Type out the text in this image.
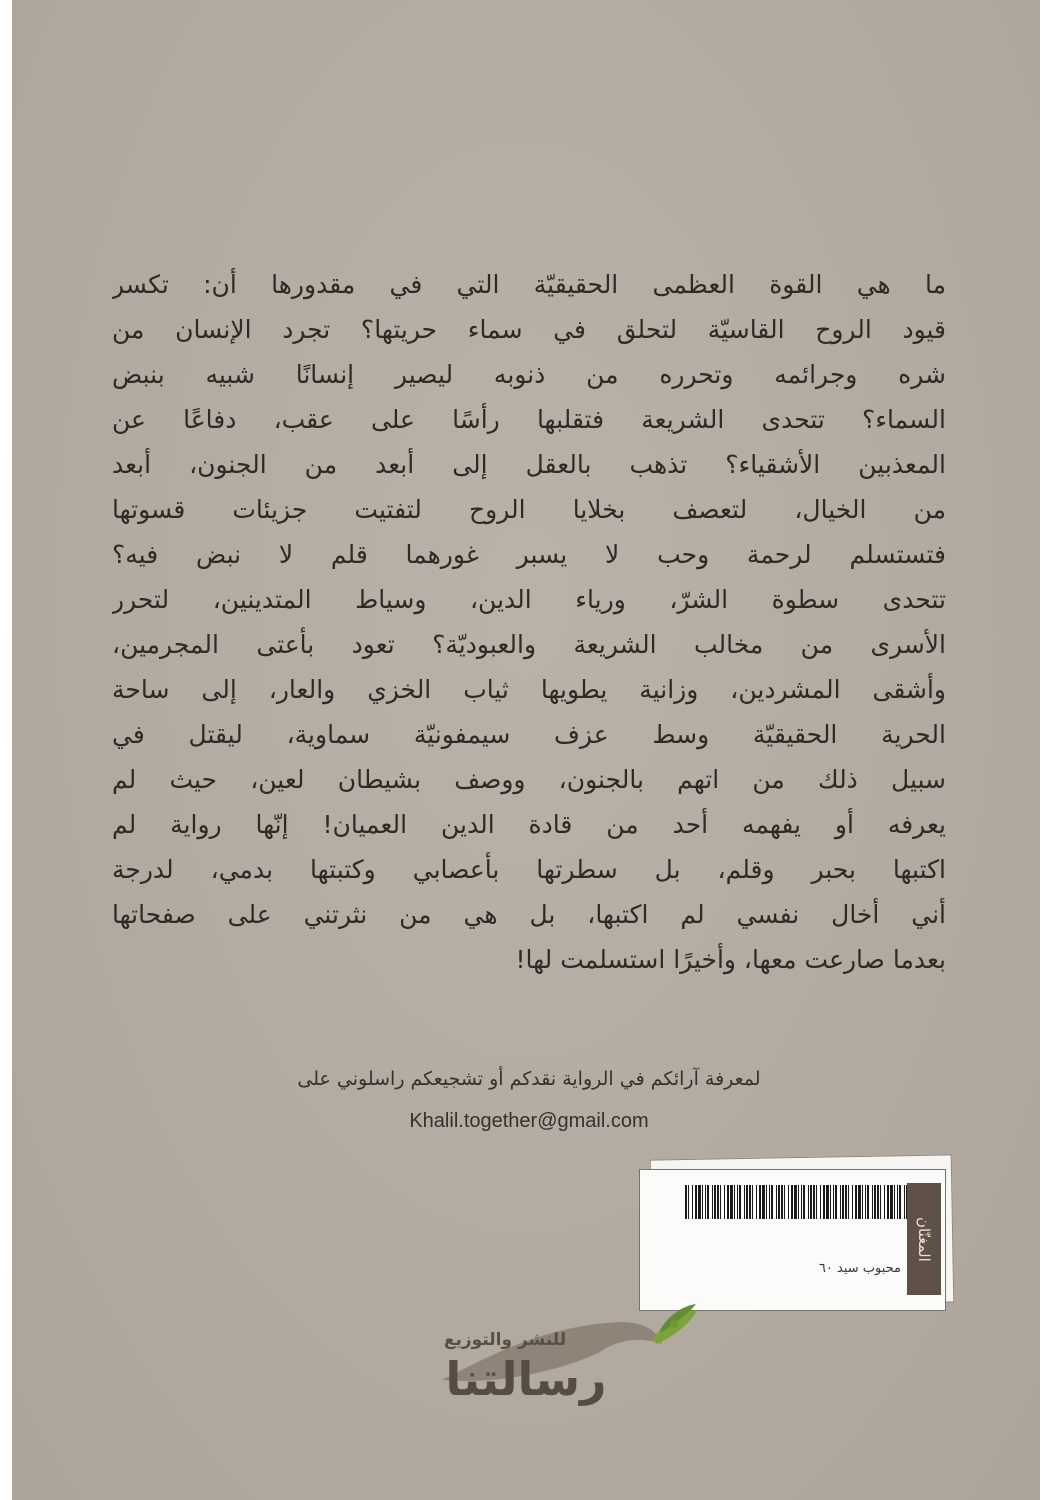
ما هي القوة العظمى الحقيقيّة التي في مقدورها أن: تكسر
قيود الروح القاسيّة لتحلق في سماء حريتها؟ تجرد الإنسان من
شره وجرائمه وتحرره من ذنوبه ليصير إنسانًا شبيه بنبض
السماء؟ تتحدى الشريعة فتقلبها رأسًا على عقب، دفاعًا عن
المعذبين الأشقياء؟ تذهب بالعقل إلى أبعد من الجنون، أبعد
من الخيال، لتعصف بخلايا الروح لتفتيت جزيئات قسوتها
فتستسلم لرحمة وحب لا يسبر غورهما قلم لا نبض فيه؟
تتحدى سطوة الشرّ، ورياء الدين، وسياط المتدينين، لتحرر
الأسرى من مخالب الشريعة والعبوديّة؟ تعود بأعتى المجرمين،
وأشقى المشردين، وزانية يطويها ثياب الخزي والعار، إلى ساحة
الحرية الحقيقيّة وسط عزف سيمفونيّة سماوية، ليقتل في
سبيل ذلك من اتهم بالجنون، ووصف بشيطان لعين، حيث لم
يعرفه أو يفهمه أحد من قادة الدين العميان! إنّها رواية لم
اكتبها بحبر وقلم، بل سطرتها بأعصابي وكتبتها بدمي، لدرجة
أني أخال نفسي لم اكتبها، بل هي من نثرتني على صفحاتها
بعدما صارعت معها، وأخيرًا استسلمت لها!
لمعرفة آرائكم في الرواية نقدكم أو تشجيعكم راسلوني على
Khalil.together@gmail.com
المغنّان
محبوب سيد ٦٠
للنشر والتوزيع
رسالتنا
